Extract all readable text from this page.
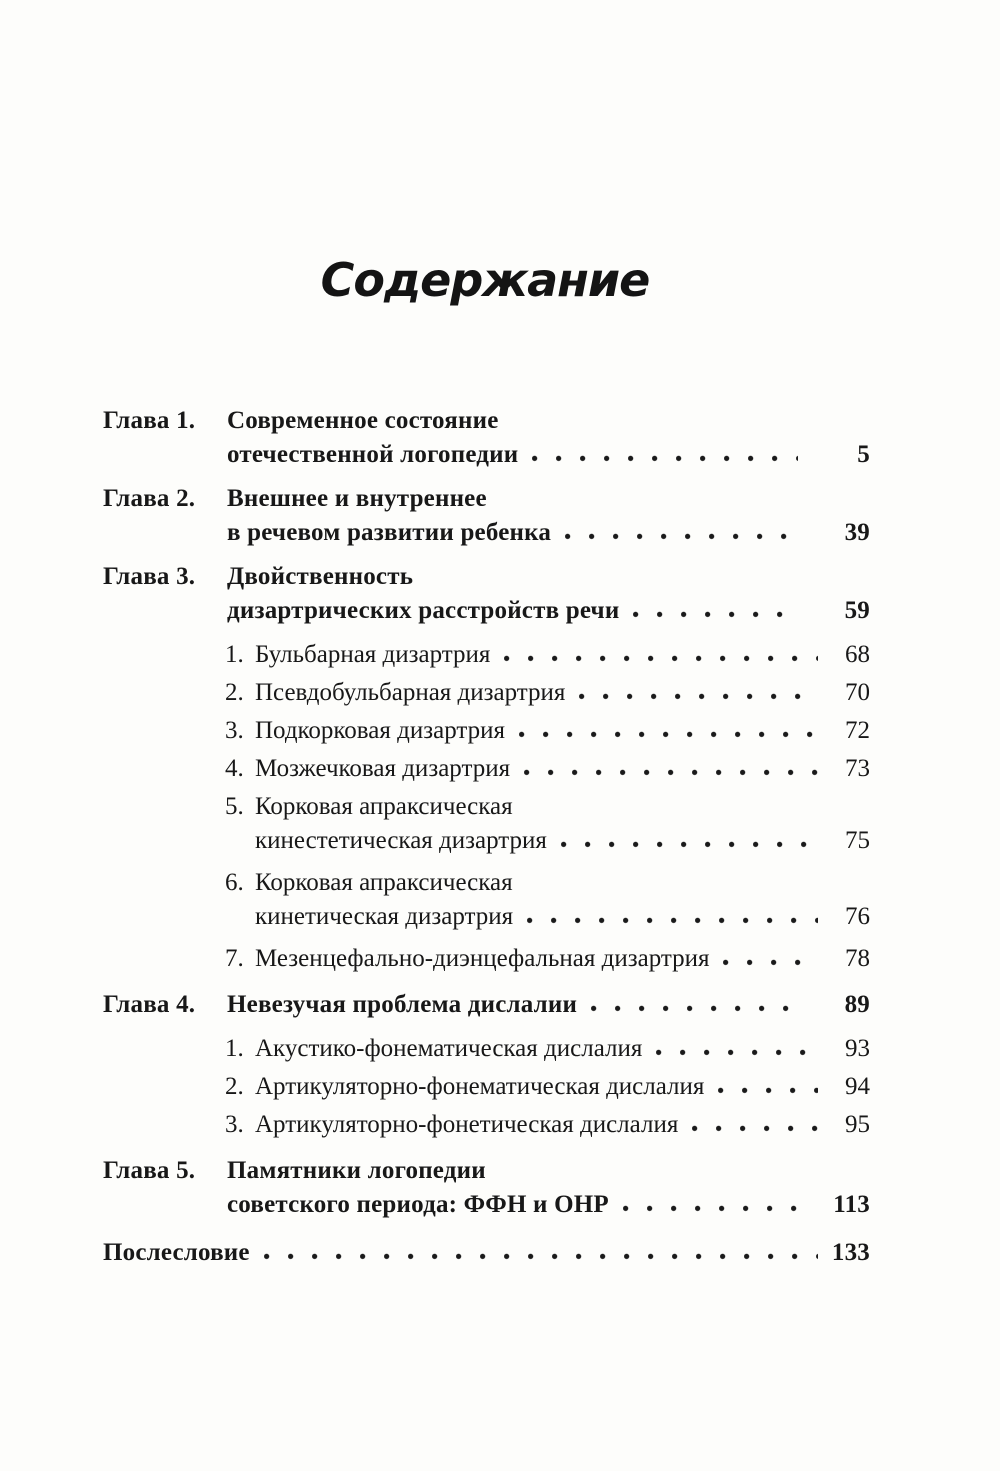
Содержание
Глава 1.	Современное состояние
отечественной логопедии	5
Глава 2.	Внешнее и внутреннее
в речевом развитии ребенка	39
Глава 3.	Двойственность
дизартрических расстройств речи	59
1. Бульбарная дизартрия	68
2. Псевдобульбарная дизартрия	70
3. Подкорковая дизартрия	72
4. Мозжечковая дизартрия	73
5. Корковая апраксическая
кинестетическая дизартрия	75
6. Корковая апраксическая
кинетическая дизартрия	76
7. Мезенцефально-диэнцефальная дизартрия	78
Глава 4.	Невезучая проблема дислалии	89
1. Акустико-фонематическая дислалия	93
2. Артикуляторно-фонематическая дислалия	94
3. Артикуляторно-фонетическая дислалия	95
Глава 5.	Памятники логопедии
советского периода: ФФН и ОНР	113
Послесловие	133
